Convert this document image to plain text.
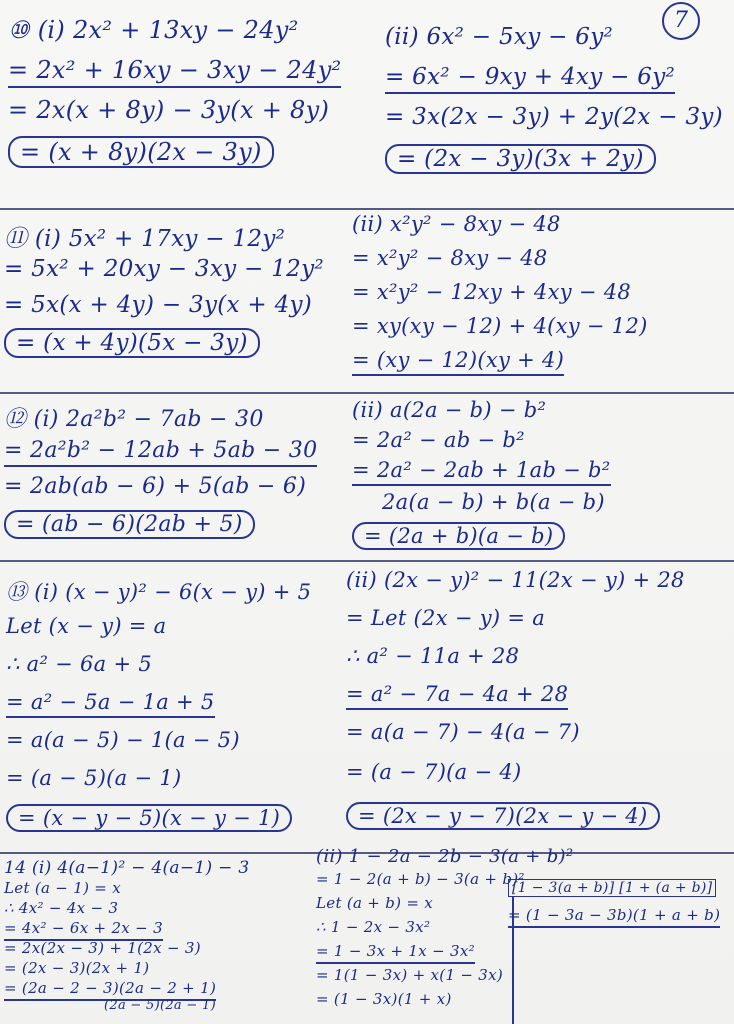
7
⑩ (i) 2x² + 13xy − 24y²
= 2x² + 16xy − 3xy − 24y²
= 2x(x + 8y) − 3y(x + 8y)
= (x + 8y)(2x − 3y)
(ii) 6x² − 5xy − 6y²
= 6x² − 9xy + 4xy − 6y²
= 3x(2x − 3y) + 2y(2x − 3y)
= (2x − 3y)(3x + 2y)
⑪ (i) 5x² + 17xy − 12y²
= 5x² + 20xy − 3xy − 12y²
= 5x(x + 4y) − 3y(x + 4y)
= (x + 4y)(5x − 3y)
(ii) x²y² − 8xy − 48
= x²y² − 8xy − 48
= x²y² − 12xy + 4xy − 48
= xy(xy − 12) + 4(xy − 12)
= (xy − 12)(xy + 4)
⑫ (i) 2a²b² − 7ab − 30
= 2a²b² − 12ab + 5ab − 30
= 2ab(ab − 6) + 5(ab − 6)
= (ab − 6)(2ab + 5)
(ii) a(2a − b) − b²
= 2a² − ab − b²
= 2a² − 2ab + 1ab − b²
2a(a − b) + b(a − b)
= (2a + b)(a − b)
⑬ (i) (x − y)² − 6(x − y) + 5
Let (x − y) = a
∴ a² − 6a + 5
= a² − 5a − 1a + 5
= a(a − 5) − 1(a − 5)
= (a − 5)(a − 1)
= (x − y − 5)(x − y − 1)
(ii) (2x − y)² − 11(2x − y) + 28
= Let (2x − y) = a
∴ a² − 11a + 28
= a² − 7a − 4a + 28
= a(a − 7) − 4(a − 7)
= (a − 7)(a − 4)
= (2x − y − 7)(2x − y − 4)
14 (i) 4(a−1)² − 4(a−1) − 3
Let (a − 1) = x
∴ 4x² − 4x − 3
= 4x² − 6x + 2x − 3
= 2x(2x − 3) + 1(2x − 3)
= (2x − 3)(2x + 1)
= (2a − 2 − 3)(2a − 2 + 1)
(2a − 5)(2a − 1)
(ii) 1 − 2a − 2b − 3(a + b)²
= 1 − 2(a + b) − 3(a + b)²
Let (a + b) = x
∴ 1 − 2x − 3x²
= 1 − 3x + 1x − 3x²
= 1(1 − 3x) + x(1 − 3x)
= (1 − 3x)(1 + x)
[1 − 3(a + b)] [1 + (a + b)]
= (1 − 3a − 3b)(1 + a + b)
